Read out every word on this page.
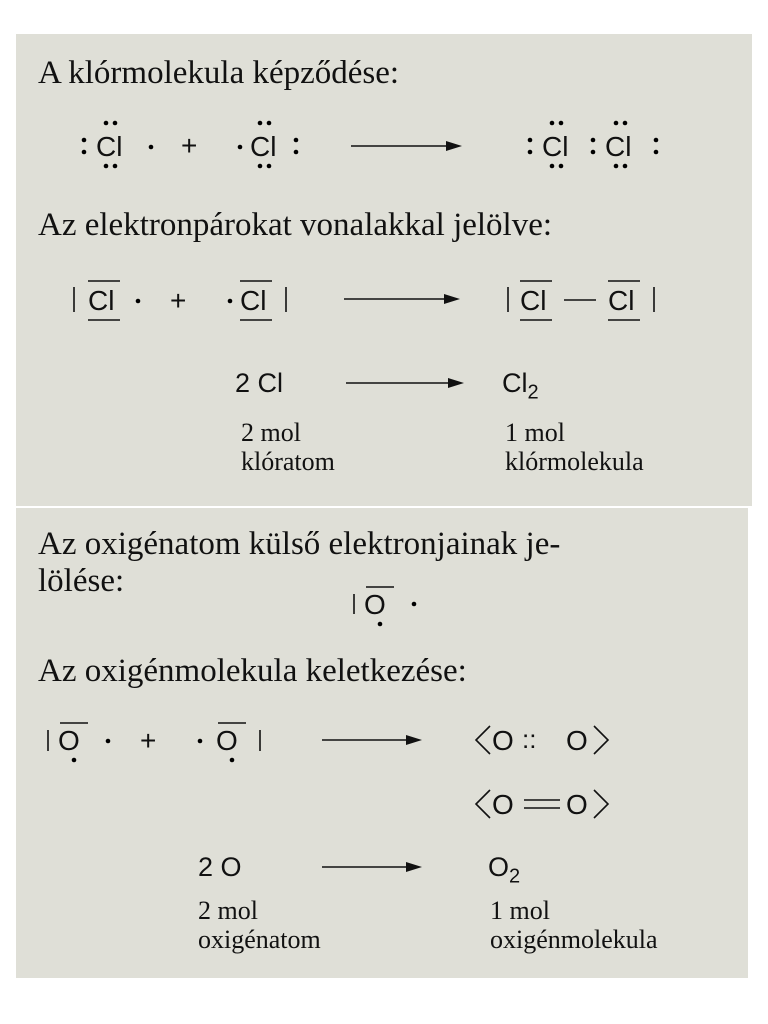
A klórmolekula képződése:
Cl + Cl	Cl Cl
Cl + Cl	Cl Cl
Az elektronpárokat vonalakkal jelölve:
2 Cl	$Cl_2$
2 mol
klóratom
1 mol
klórmolekula
Az oxigénatom külső elektronjainak je-
lölése:
Az oxigénmolekula keletkezése:
O
O + O	O :: O
O O
2 O	$O_2$
2 mol
oxigénatom
1 mol
oxigénmolekula
